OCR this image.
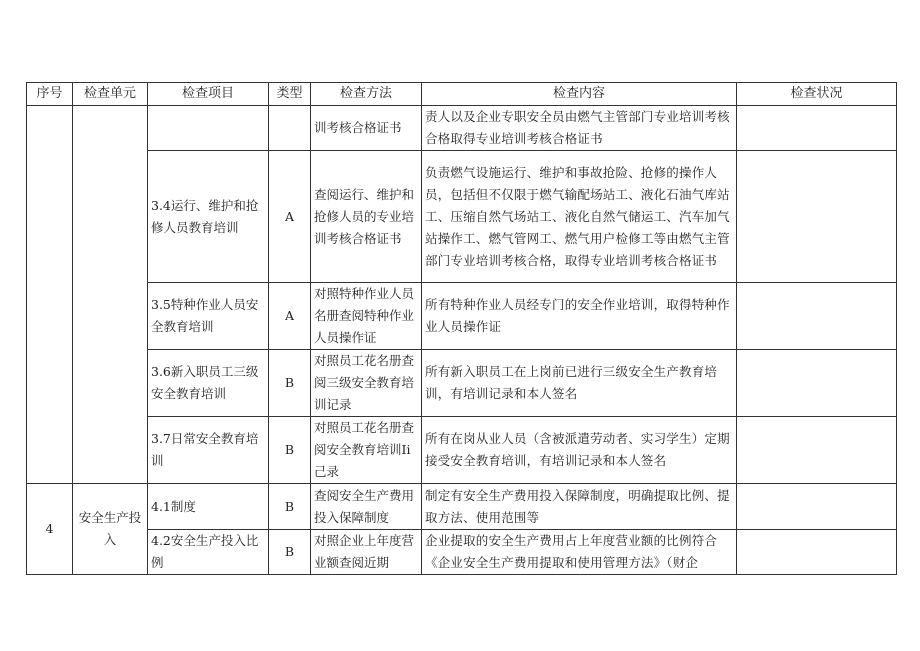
序号	检查单元	检查项目	类型	检查方法	检查内容	检查状况
				训考核合格证书	责人以及企业专职安全员由燃气主管部门专业培训考核合格取得专业培训考核合格证书	
		3.4运行、维护和抢修人员教育培训	A	查阅运行、维护和抢修人员的专业培训考核合格证书	负责燃气设施运行、维护和事故抢险、抢修的操作人员，包括但不仅限于燃气输配场站工、液化石油气库站工、压缩自然气场站工、液化自然气储运工、汽车加气站操作工、燃气管网工、燃气用户检修工等由燃气主管部门专业培训考核合格，取得专业培训考核合格证书	
		3.5特种作业人员安全教育培训	A	对照特种作业人员名册查阅特种作业人员操作证	所有特种作业人员经专门的安全作业培训，取得特种作业人员操作证	
		3.6新入职员工三级安全教育培训	B	对照员工花名册查阅三级安全教育培训记录	所有新入职员工在上岗前已进行三级安全生产教育培训，有培训记录和本人签名	
		3.7日常安全教育培训	B	对照员工花名册查阅安全教育培训Ii己录	所有在岗从业人员（含被派遣劳动者、实习学生）定期接受安全教育培训，有培训记录和本人签名	
4	安全生产投入	4.1制度	B	查阅安全生产费用投入保障制度	制定有安全生产费用投入保障制度，明确提取比例、提取方法、使用范围等	
		4.2安全生产投入比例	B	对照企业上年度营业额查阅近期	企业提取的安全生产费用占上年度营业额的比例符合《企业安全生产费用提取和使用管理方法》（财企	
